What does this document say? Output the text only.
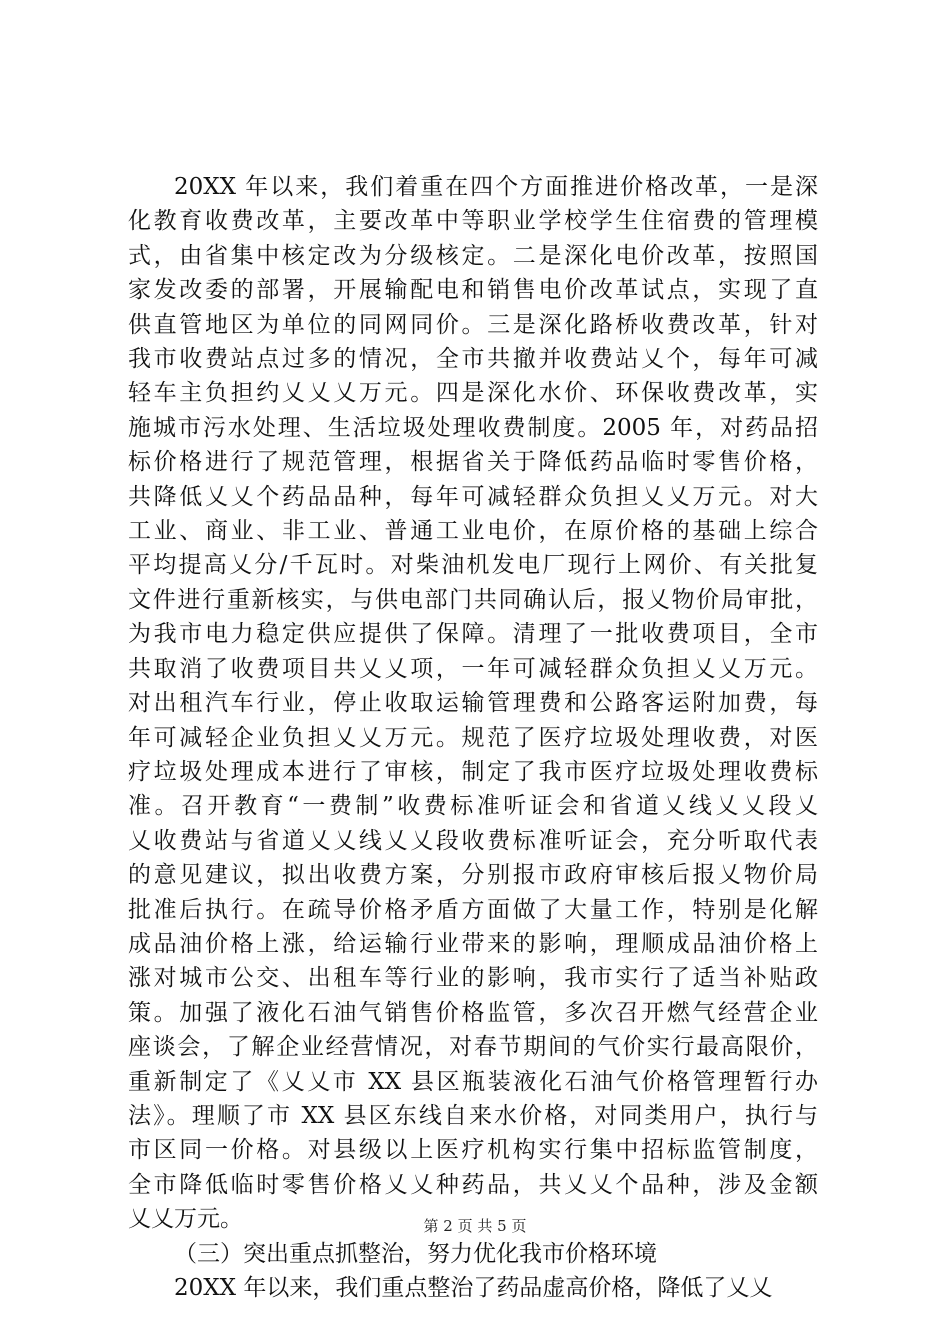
20XX 年以来，我们着重在四个方面推进价格改革，一是深
化教育收费改革，主要改革中等职业学校学生住宿费的管理模
式，由省集中核定改为分级核定。二是深化电价改革，按照国
家发改委的部署，开展输配电和销售电价改革试点，实现了直
供直管地区为单位的同网同价。三是深化路桥收费改革，针对
我市收费站点过多的情况，全市共撤并收费站乂个，每年可减
轻车主负担约乂乂乂万元。四是深化水价、环保收费改革，实
施城市污水处理、生活垃圾处理收费制度。2005 年，对药品招
标价格进行了规范管理，根据省关于降低药品临时零售价格，
共降低乂乂个药品品种，每年可减轻群众负担乂乂万元。对大
工业、商业、非工业、普通工业电价，在原价格的基础上综合
平均提高乂分/千瓦时。对柴油机发电厂现行上网价、有关批复
文件进行重新核实，与供电部门共同确认后，报乂物价局审批，
为我市电力稳定供应提供了保障。清理了一批收费项目，全市
共取消了收费项目共乂乂项，一年可减轻群众负担乂乂万元。
对出租汽车行业，停止收取运输管理费和公路客运附加费，每
年可减轻企业负担乂乂万元。规范了医疗垃圾处理收费，对医
疗垃圾处理成本进行了审核，制定了我市医疗垃圾处理收费标
准。召开教育“一费制”收费标准听证会和省道乂线乂乂段乂
乂收费站与省道乂乂线乂乂段收费标准听证会，充分听取代表
的意见建议，拟出收费方案，分别报市政府审核后报乂物价局
批准后执行。在疏导价格矛盾方面做了大量工作，特别是化解
成品油价格上涨，给运输行业带来的影响，理顺成品油价格上
涨对城市公交、出租车等行业的影响，我市实行了适当补贴政
策。加强了液化石油气销售价格监管，多次召开燃气经营企业
座谈会，了解企业经营情况，对春节期间的气价实行最高限价，
重新制定了《乂乂市 XX 县区瓶装液化石油气价格管理暂行办
法》。理顺了市 XX 县区东线自来水价格，对同类用户，执行与
市区同一价格。对县级以上医疗机构实行集中招标监管制度，
全市降低临时零售价格乂乂种药品，共乂乂个品种，涉及金额
乂乂万元。
（三）突出重点抓整治，努力优化我市价格环境
20XX 年以来，我们重点整治了药品虚高价格，降低了乂乂
第 2 页 共 5 页
